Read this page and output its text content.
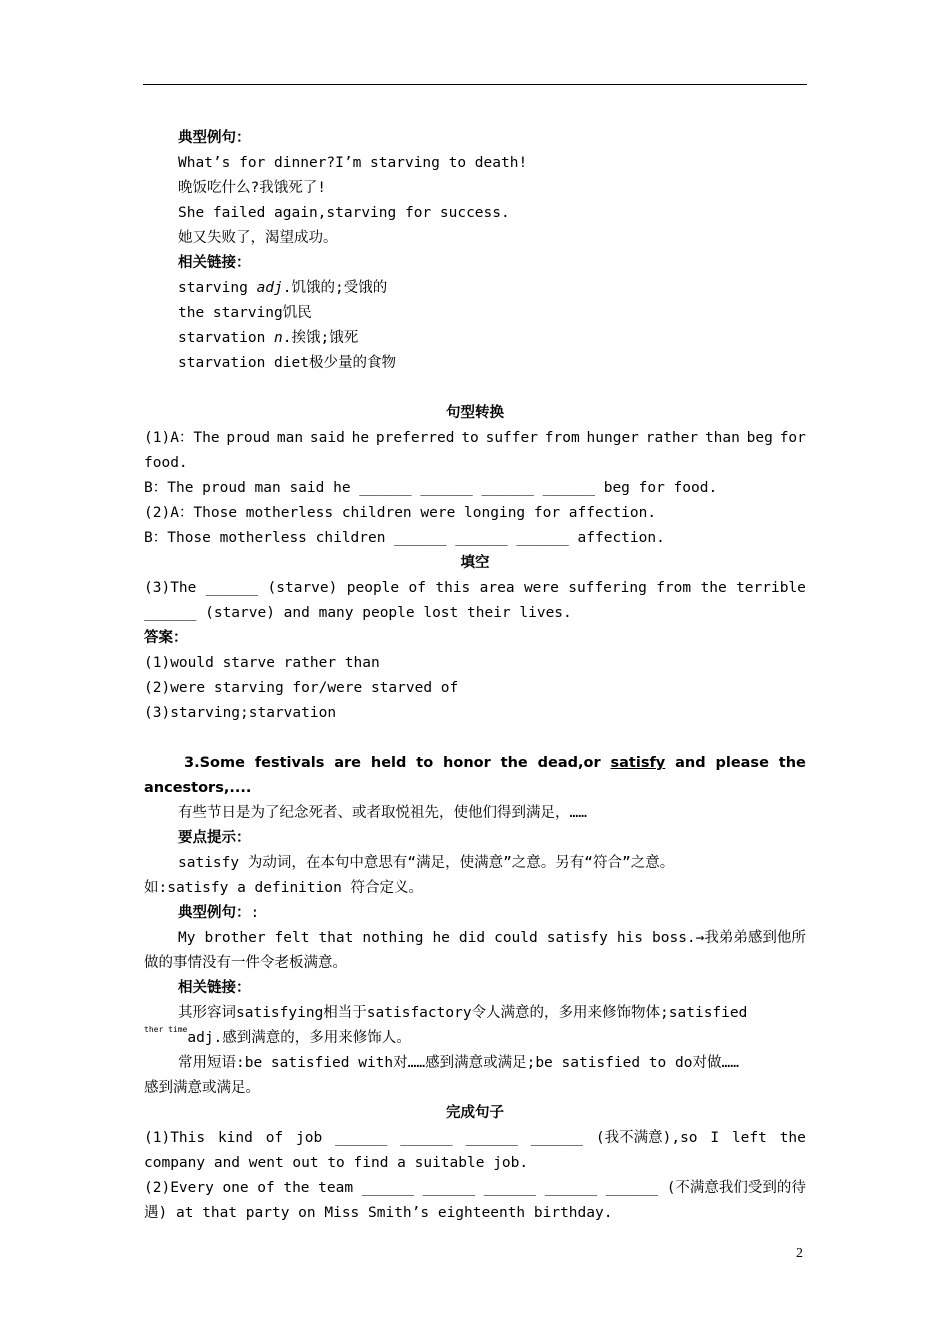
典型例句：
What’s for dinner?I’m starving to death!
晚饭吃什么?我饿死了!
She failed again,starving for success.
她又失败了，渴望成功。
相关链接：
starving adj.饥饿的;受饿的
the starving饥民
starvation n.挨饿;饿死
starvation diet极少量的食物
句型转换
(1)A：The proud man said he preferred to suffer from hunger rather than beg for
food.
B：The proud man said he ______ ______ ______ ______ beg for food.
(2)A：Those motherless children were longing for affection.
B：Those motherless children ______ ______ ______ affection.
填空
(3)The ______ (starve) people of this area were suffering from the terrible
______ (starve) and many people lost their lives.
答案：
(1)would starve rather than
(2)were starving for/were starved of
(3)starving;starvation
3.Some festivals are held to honor the dead,or satisfy and please the
ancestors,....
有些节日是为了纪念死者、或者取悦祖先，使他们得到满足，……
要点提示：
satisfy 为动词，在本句中意思有“满足，使满意”之意。另有“符合”之意。
如:satisfy a definition 符合定义。
典型例句：:
My brother felt that nothing he did could satisfy his boss.→我弟弟感到他所
做的事情没有一件令老板满意。
相关链接：
其形容词satisfying相当于satisfactory令人满意的，多用来修饰物体;satisfied
$^{ther time}$adj.感到满意的，多用来修饰人。
常用短语:be satisfied with对……感到满意或满足;be satisfied to do对做……
感到满意或满足。
完成句子
(1)This kind of job ______ ______ ______ ______ (我不满意),so I left the
company and went out to find a suitable job.
(2)Every one of the team ______ ______ ______ ______ ______ (不满意我们受到的待
遇) at that party on Miss Smith’s eighteenth birthday.
2
